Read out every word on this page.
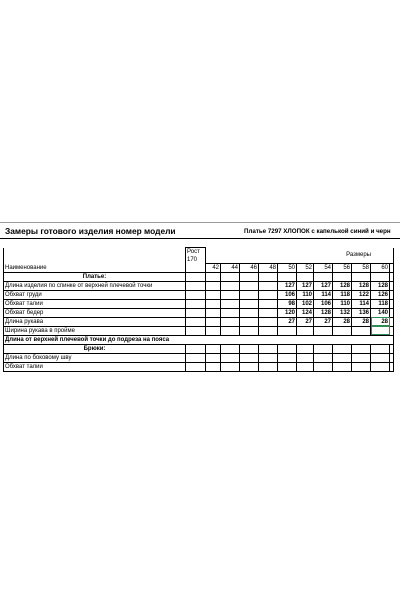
Замеры готового изделия номер модели	Платье 7297 ХЛОПОК с капелькой синий и черн
Наименование	Рост
170	Размеры										
		42	44	46	48	50	52	54	56	58	60	
Платье:												
Длина изделия по спинке от верхней плечевой точки						127	127	127	128	128	128	
Обхват груди						106	110	114	118	122	126	
Обхват талии						98	102	106	110	114	118	
Обхват бедер						120	124	128	132	136	140	
Длина рукава						27	27	27	28	28	28	
Ширина рукава в пройме												
Длина от верхней плечевой точки до подреза на пояса												
Брюки:												
Длина по боковому шву												
Обхват талии												
